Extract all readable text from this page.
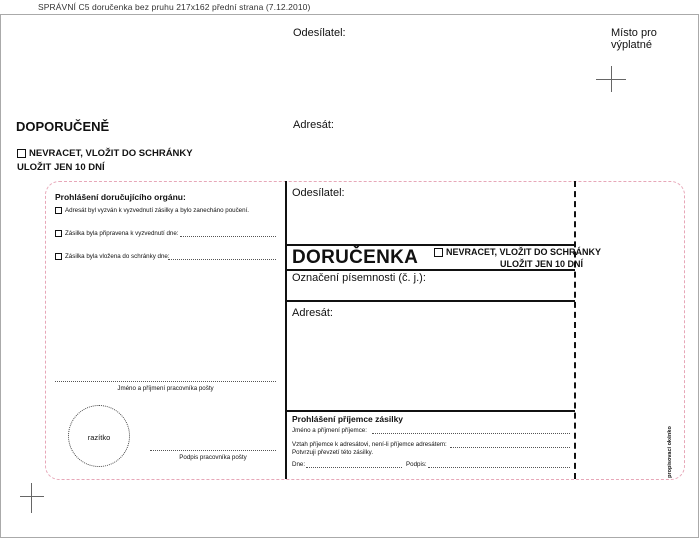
SPRÁVNÍ C5 doručenka bez pruhu 217x162 přední strana (7.12.2010)
Odesílatel:	Místo pro výplatné
DOPORUČENĚ	Adresát:
NEVRACET, VLOŽIT DO SCHRÁNKY
ULOŽIT JEN 10 DNÍ
Prohlášení doručujícího orgánu:
Adresát byl vyzván k vyzvednutí zásilky a bylo zanecháno poučení.
Zásilka byla připravena k vyzvednutí dne:
Zásilka byla vložena do schránky dne:
Jméno a příjmení pracovníka pošty
razítko
Podpis pracovníka pošty
Odesílatel:
DORUČENKA	NEVRACET, VLOŽIT DO SCHRÁNKY
ULOŽIT JEN 10 DNÍ
Označení písemnosti (č. j.):
Adresát:
Prohlášení příjemce zásilky
Jméno a příjmení příjemce:
Vztah příjemce k adresátovi, není-li příjemce adresátem:
Potvrzuji převzetí této zásilky.
Dne:	Podpis:	propisovací okénko
